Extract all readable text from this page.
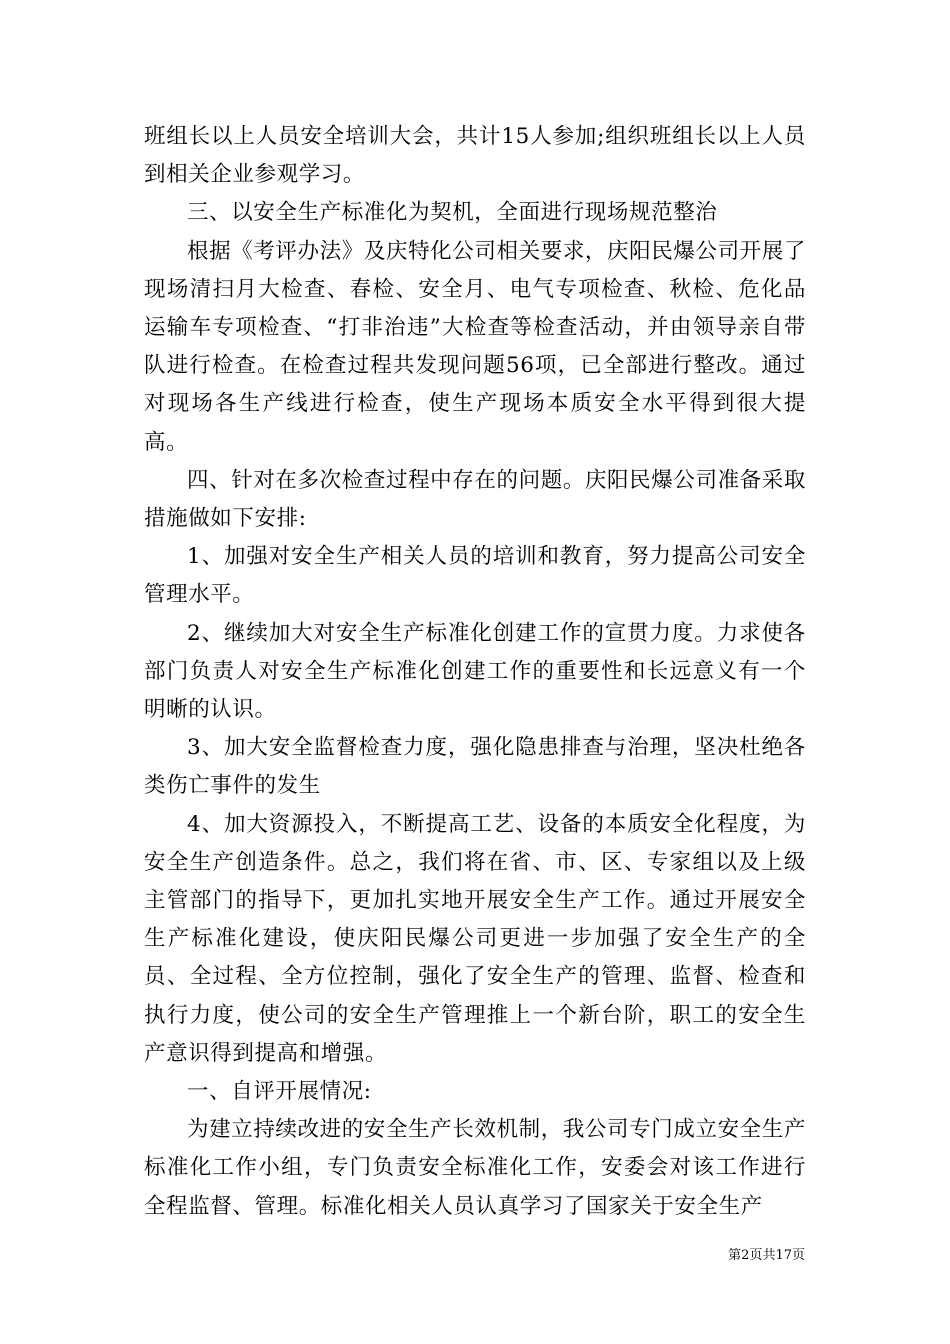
班组长以上人员安全培训大会，共计15人参加;组织班组长以上人员到相关企业参观学习。

三、以安全生产标准化为契机，全面进行现场规范整治

根据《考评办法》及庆特化公司相关要求，庆阳民爆公司开展了现场清扫月大检查、春检、安全月、电气专项检查、秋检、危化品运输车专项检查、“打非治违”大检查等检查活动，并由领导亲自带队进行检查。在检查过程共发现问题56项，已全部进行整改。通过对现场各生产线进行检查，使生产现场本质安全水平得到很大提高。

四、针对在多次检查过程中存在的问题。庆阳民爆公司准备采取措施做如下安排:

1、加强对安全生产相关人员的培训和教育，努力提高公司安全管理水平。

2、继续加大对安全生产标准化创建工作的宣贯力度。力求使各部门负责人对安全生产标准化创建工作的重要性和长远意义有一个明晰的认识。

3、加大安全监督检查力度，强化隐患排查与治理，坚决杜绝各类伤亡事件的发生

4、加大资源投入，不断提高工艺、设备的本质安全化程度，为安全生产创造条件。总之，我们将在省、市、区、专家组以及上级主管部门的指导下，更加扎实地开展安全生产工作。通过开展安全生产标准化建设，使庆阳民爆公司更进一步加强了安全生产的全员、全过程、全方位控制，强化了安全生产的管理、监督、检查和执行力度，使公司的安全生产管理推上一个新台阶，职工的安全生产意识得到提高和增强。

一、自评开展情况:

为建立持续改进的安全生产长效机制，我公司专门成立安全生产标准化工作小组，专门负责安全标准化工作，安委会对该工作进行全程监督、管理。标准化相关人员认真学习了国家关于安全生产

第2页共17页
